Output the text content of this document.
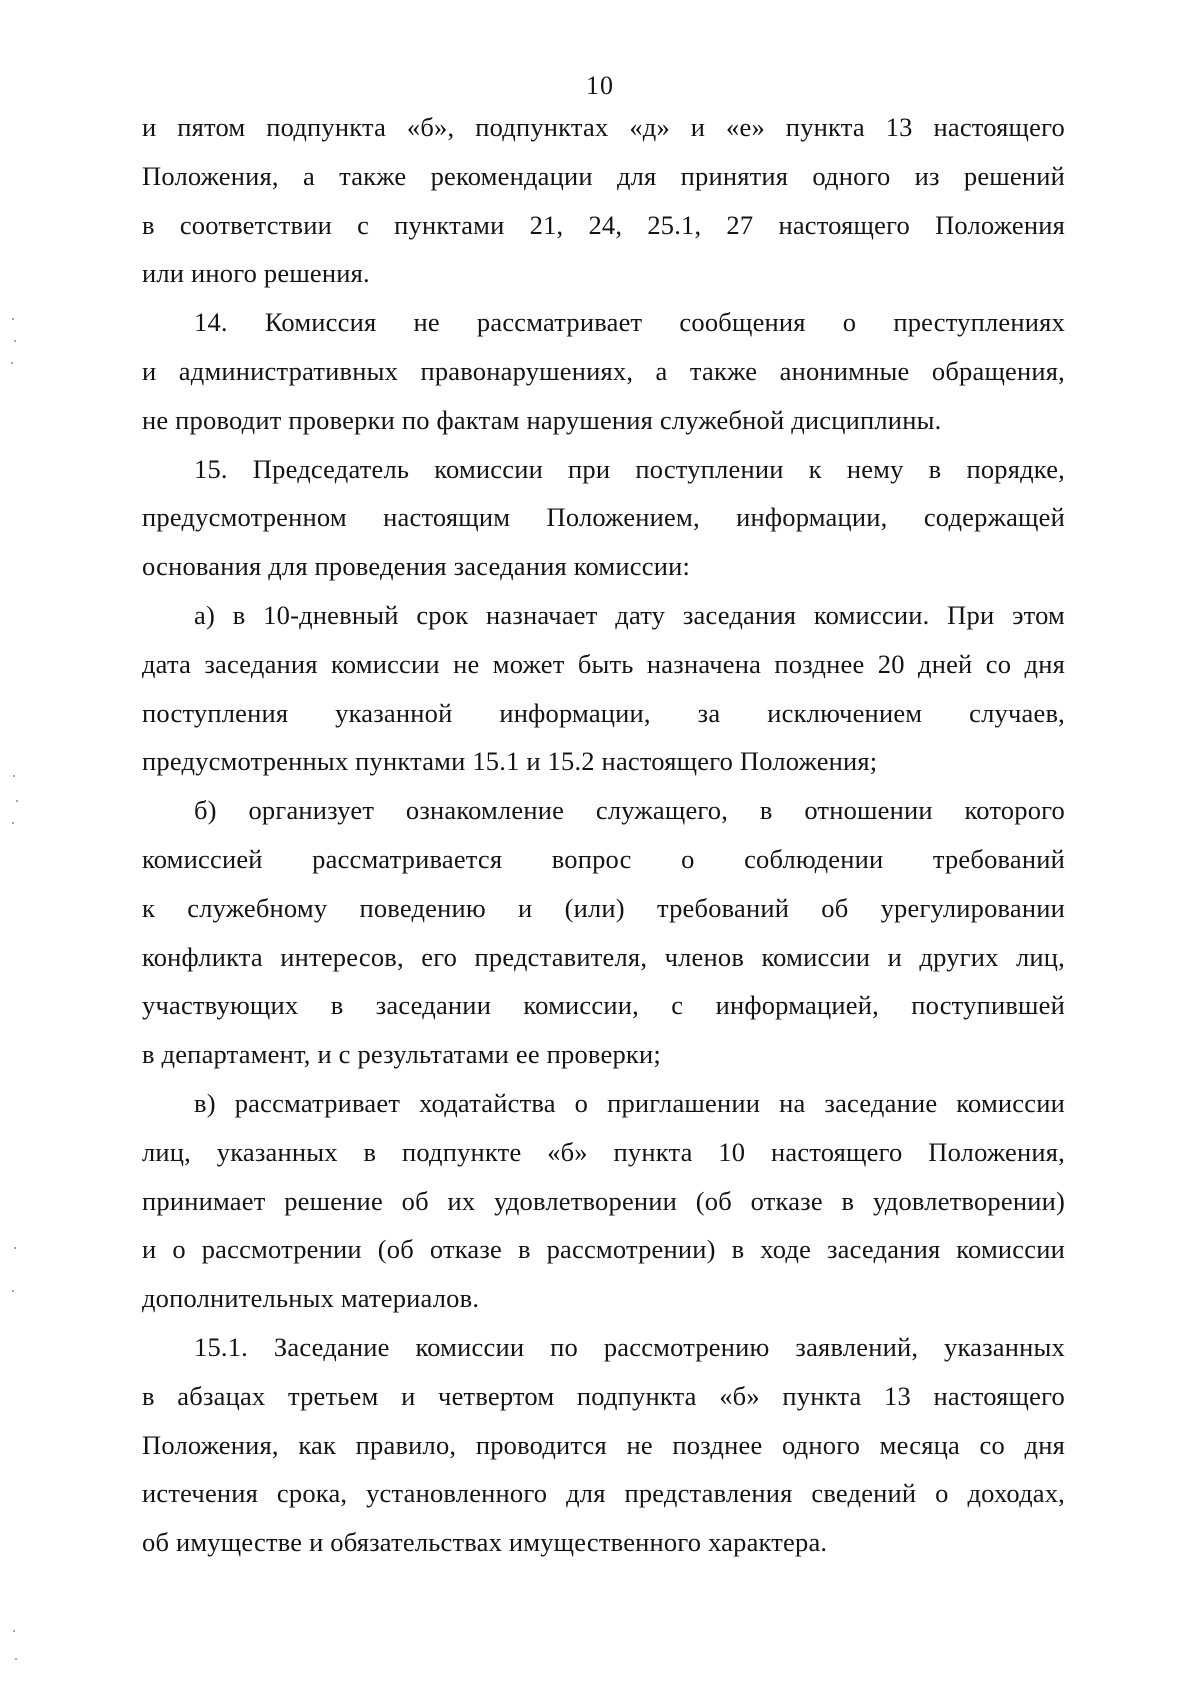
10
и пятом подпункта «б», подпунктах «д» и «е» пункта 13 настоящего
Положения, а также рекомендации для принятия одного из решений
в соответствии с пунктами 21, 24, 25.1, 27 настоящего Положения
или иного решения.
14. Комиссия не рассматривает сообщения о преступлениях
и административных правонарушениях, а также анонимные обращения,
не проводит проверки по фактам нарушения служебной дисциплины.
15. Председатель комиссии при поступлении к нему в порядке,
предусмотренном настоящим Положением, информации, содержащей
основания для проведения заседания комиссии:
а) в 10-дневный срок назначает дату заседания комиссии. При этом
дата заседания комиссии не может быть назначена позднее 20 дней со дня
поступления указанной информации, за исключением случаев,
предусмотренных пунктами 15.1 и 15.2 настоящего Положения;
б) организует ознакомление служащего, в отношении которого
комиссией рассматривается вопрос о соблюдении требований
к служебному поведению и (или) требований об урегулировании
конфликта интересов, его представителя, членов комиссии и других лиц,
участвующих в заседании комиссии, с информацией, поступившей
в департамент, и с результатами ее проверки;
в) рассматривает ходатайства о приглашении на заседание комиссии
лиц, указанных в подпункте «б» пункта 10 настоящего Положения,
принимает решение об их удовлетворении (об отказе в удовлетворении)
и о рассмотрении (об отказе в рассмотрении) в ходе заседания комиссии
дополнительных материалов.
15.1. Заседание комиссии по рассмотрению заявлений, указанных
в абзацах третьем и четвертом подпункта «б» пункта 13 настоящего
Положения, как правило, проводится не позднее одного месяца со дня
истечения срока, установленного для представления сведений о доходах,
об имуществе и обязательствах имущественного характера.
